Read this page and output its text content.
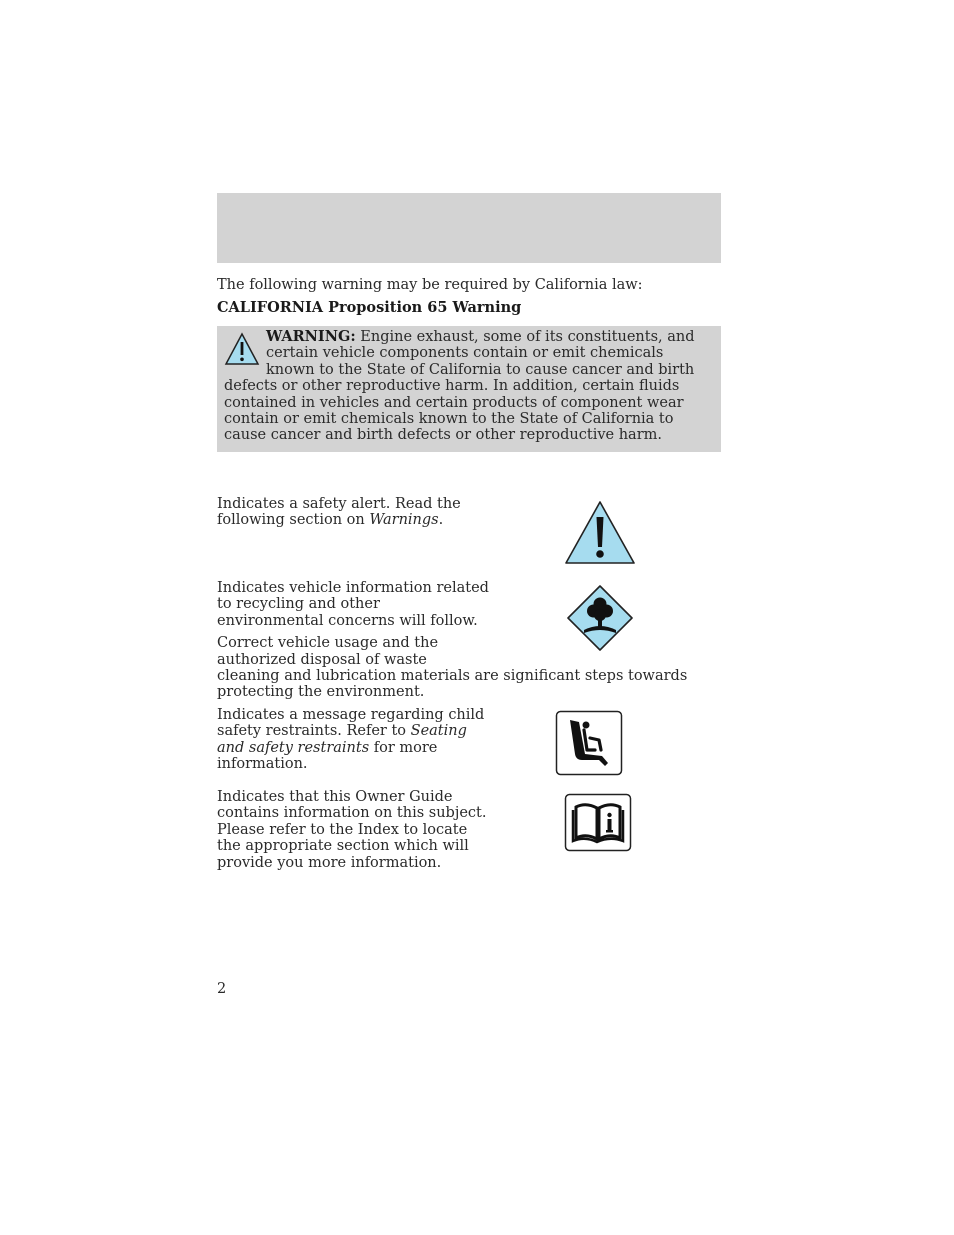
The following warning may be required by California law:
CALIFORNIA Proposition 65 Warning
WARNING: Engine exhaust, some of its constituents, and certain vehicle components contain or emit chemicals known to the State of California to cause cancer and birth defects or other reproductive harm. In addition, certain fluids contained in vehicles and certain products of component wear contain or emit chemicals known to the State of California to cause cancer and birth defects or other reproductive harm.
Indicates a safety alert. Read the
following section on Warnings.
Indicates vehicle information related
to recycling and other
environmental concerns will follow.
Correct vehicle usage and the
authorized disposal of waste
cleaning and lubrication materials are significant steps towards
protecting the environment.
Indicates a message regarding child
safety restraints. Refer to Seating
and safety restraints for more
information.
Indicates that this Owner Guide
contains information on this subject.
Please refer to the Index to locate
the appropriate section which will
provide you more information.
2
